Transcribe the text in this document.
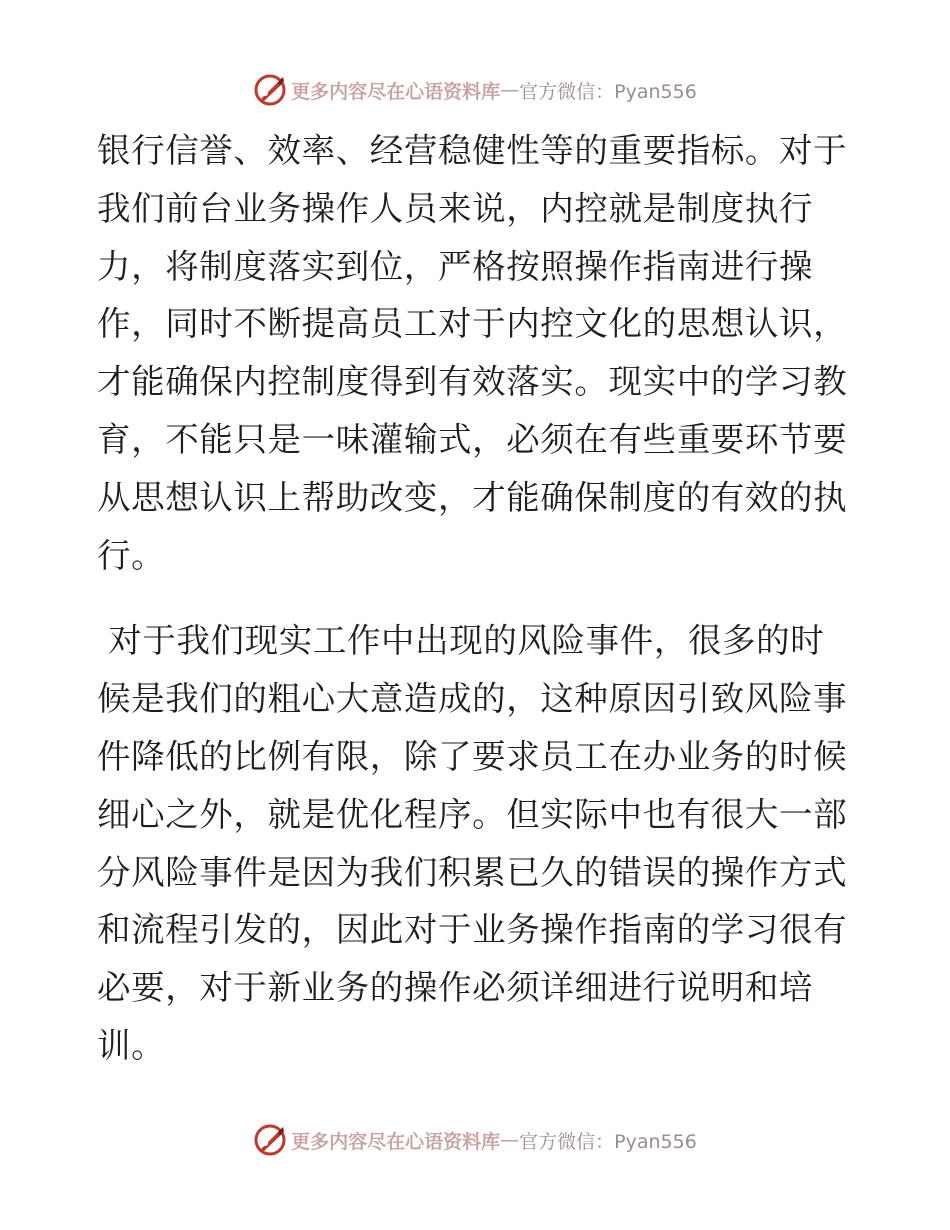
更多内容尽在心语资料库 — 官方微信：Pyan556
银行信誉、效率、经营稳健性等的重要指标。对于
我们前台业务操作人员来说，内控就是制度执行
力，将制度落实到位，严格按照操作指南进行操
作，同时不断提高员工对于内控文化的思想认识，
才能确保内控制度得到有效落实。现实中的学习教
育，不能只是一味灌输式，必须在有些重要环节要
从思想认识上帮助改变，才能确保制度的有效的执
行。
对于我们现实工作中出现的风险事件，很多的时
候是我们的粗心大意造成的，这种原因引致风险事
件降低的比例有限，除了要求员工在办业务的时候
细心之外，就是优化程序。但实际中也有很大一部
分风险事件是因为我们积累已久的错误的操作方式
和流程引发的，因此对于业务操作指南的学习很有
必要，对于新业务的操作必须详细进行说明和培
训。
更多内容尽在心语资料库 — 官方微信：Pyan556
